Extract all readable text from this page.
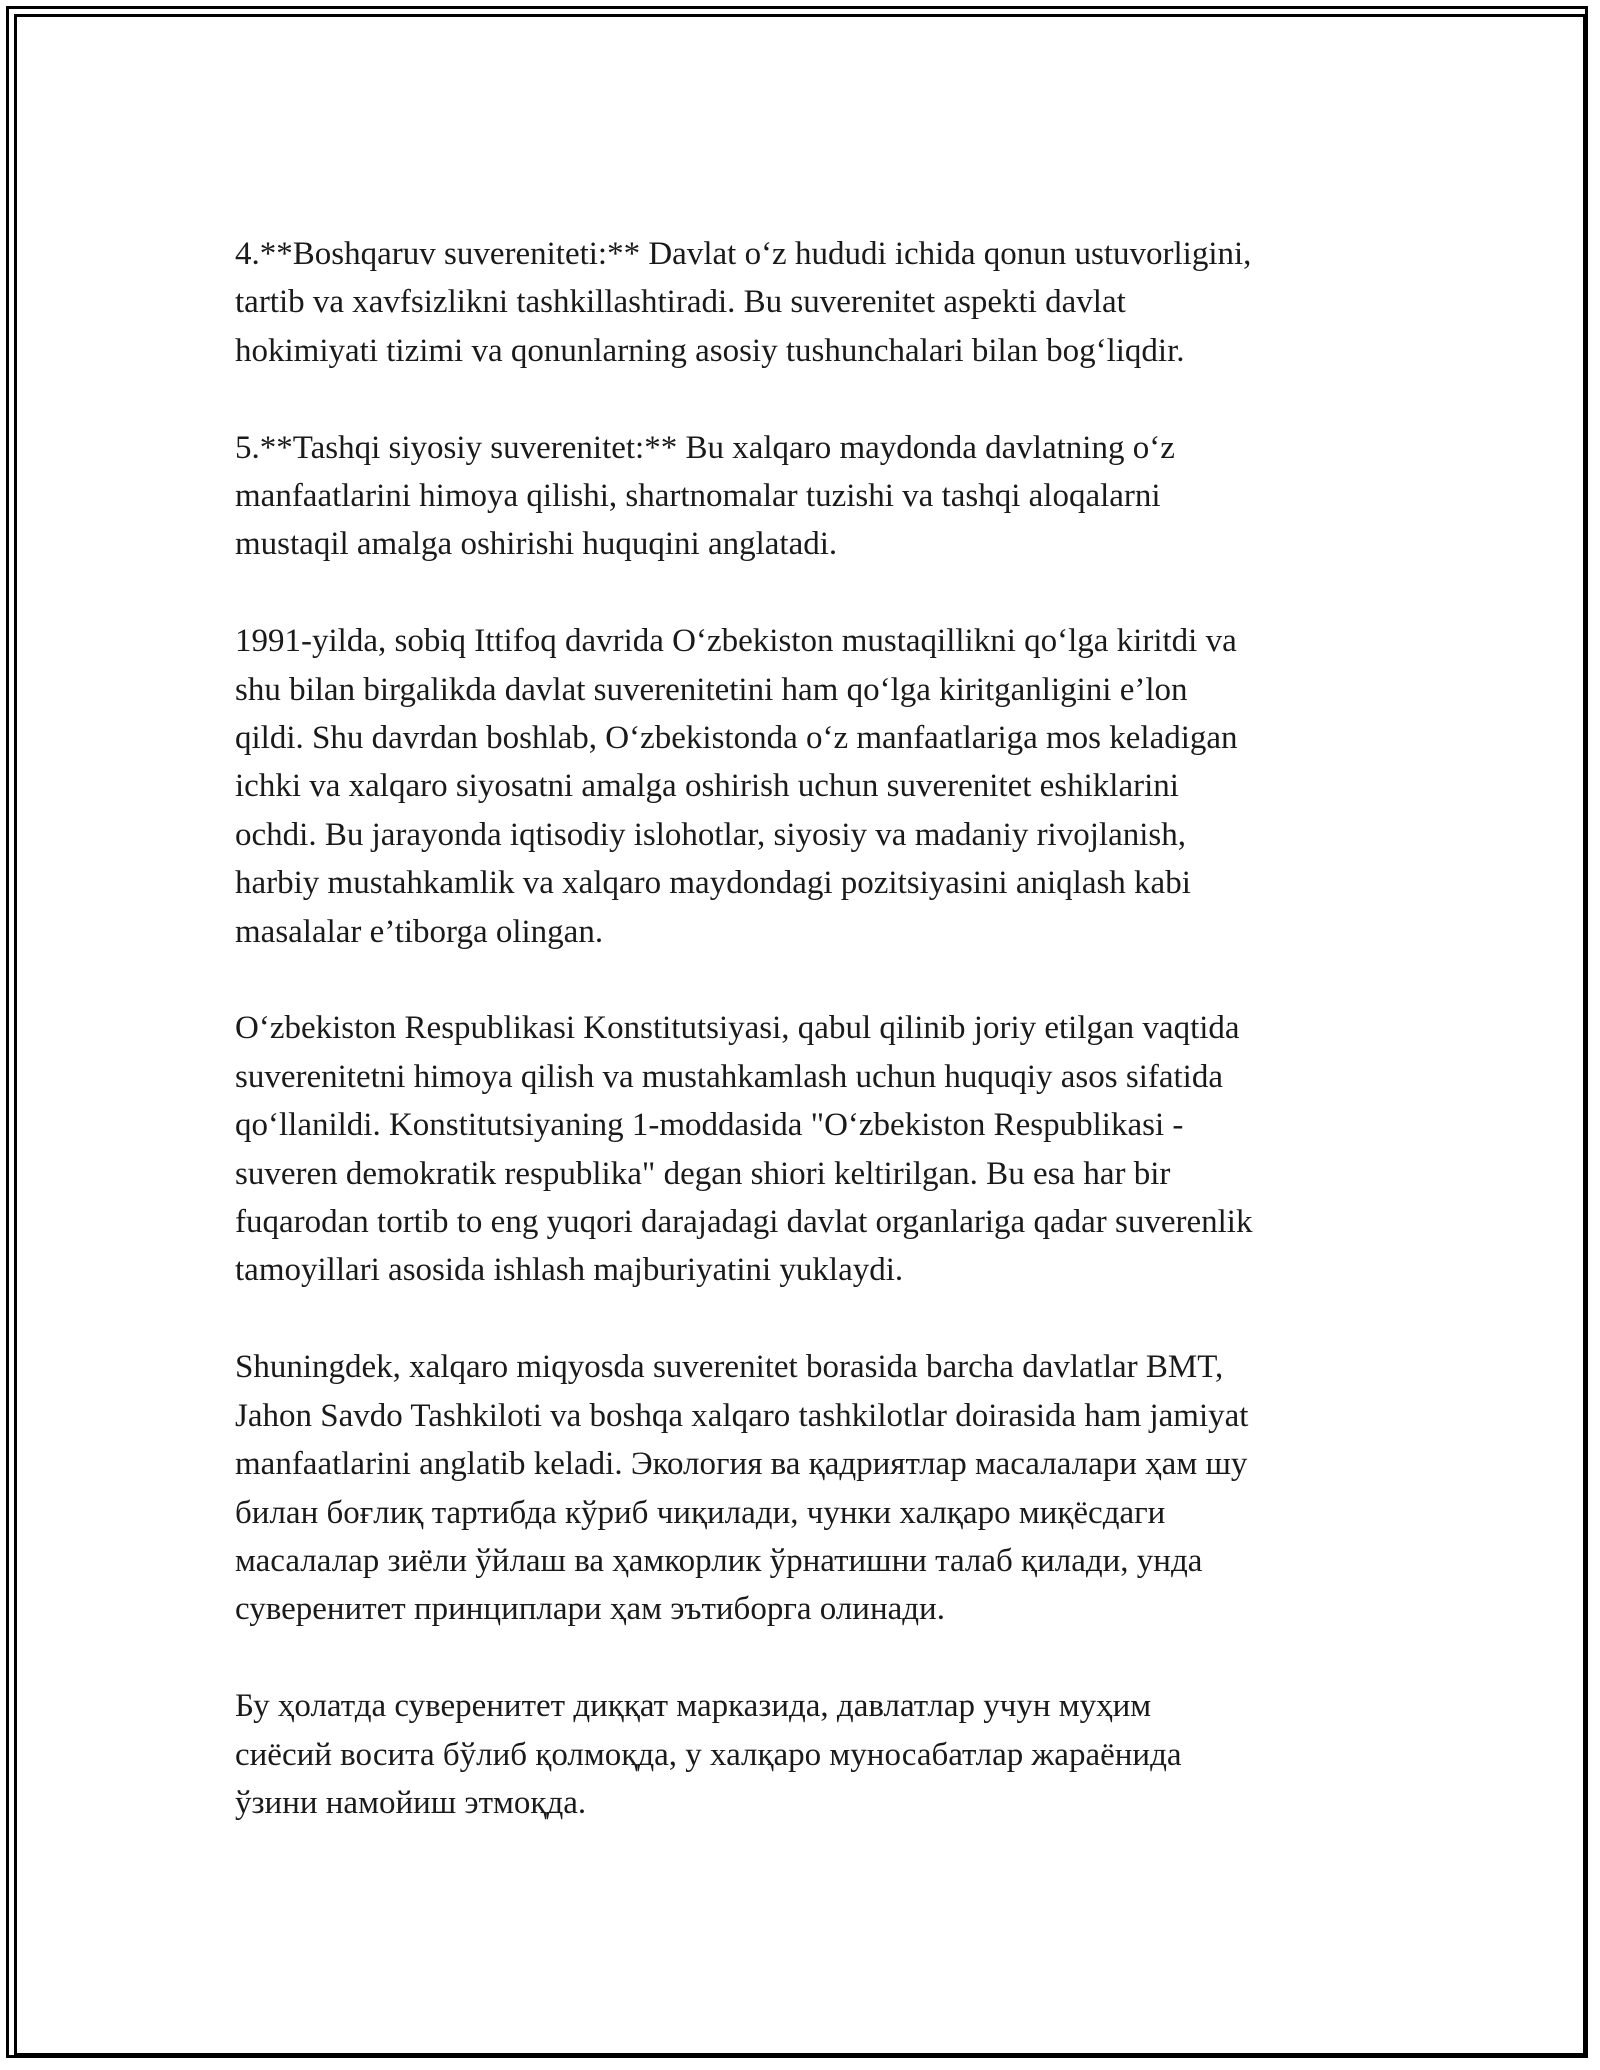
4.**Boshqaruv suvereniteti:** Davlat oʻz hududi ichida qonun ustuvorligini,
tartib va xavfsizlikni tashkillashtiradi. Bu suverenitet aspekti davlat
hokimiyati tizimi va qonunlarning asosiy tushunchalari bilan bogʻliqdir.

5.**Tashqi siyosiy suverenitet:** Bu xalqaro maydonda davlatning oʻz
manfaatlarini himoya qilishi, shartnomalar tuzishi va tashqi aloqalarni
mustaqil amalga oshirishi huquqini anglatadi.

1991-yilda, sobiq Ittifoq davrida Oʻzbekiston mustaqillikni qoʻlga kiritdi va
shu bilan birgalikda davlat suverenitetini ham qoʻlga kiritganligini e’lon
qildi. Shu davrdan boshlab, Oʻzbekistonda oʻz manfaatlariga mos keladigan
ichki va xalqaro siyosatni amalga oshirish uchun suverenitet eshiklarini
ochdi. Bu jarayonda iqtisodiy islohotlar, siyosiy va madaniy rivojlanish,
harbiy mustahkamlik va xalqaro maydondagi pozitsiyasini aniqlash kabi
masalalar e’tiborga olingan.

Oʻzbekiston Respublikasi Konstitutsiyasi, qabul qilinib joriy etilgan vaqtida
suverenitetni himoya qilish va mustahkamlash uchun huquqiy asos sifatida
qoʻllanildi. Konstitutsiyaning 1-moddasida "Oʻzbekiston Respublikasi -
suveren demokratik respublika" degan shiori keltirilgan. Bu esa har bir
fuqarodan tortib to eng yuqori darajadagi davlat organlariga qadar suverenlik
tamoyillari asosida ishlash majburiyatini yuklaydi.

Shuningdek, xalqaro miqyosda suverenitet borasida barcha davlatlar BMT,
Jahon Savdo Tashkiloti va boshqa xalqaro tashkilotlar doirasida ham jamiyat
manfaatlarini anglatib keladi. Экология ва қадриятлар масалалари ҳам шу
билан боғлиқ тартибда кўриб чиқилади, чунки халқаро миқёсдаги
масалалар зиёли ўйлаш ва ҳамкорлик ўрнатишни талаб қилади, унда
суверенитет принциплари ҳам эътиборга олинади.

Бу ҳолатда суверенитет диққат марказида, давлатлар учун муҳим
сиёсий восита бўлиб қолмоқда, у халқаро муносабатлар жараёнида
ўзини намойиш этмоқда.
